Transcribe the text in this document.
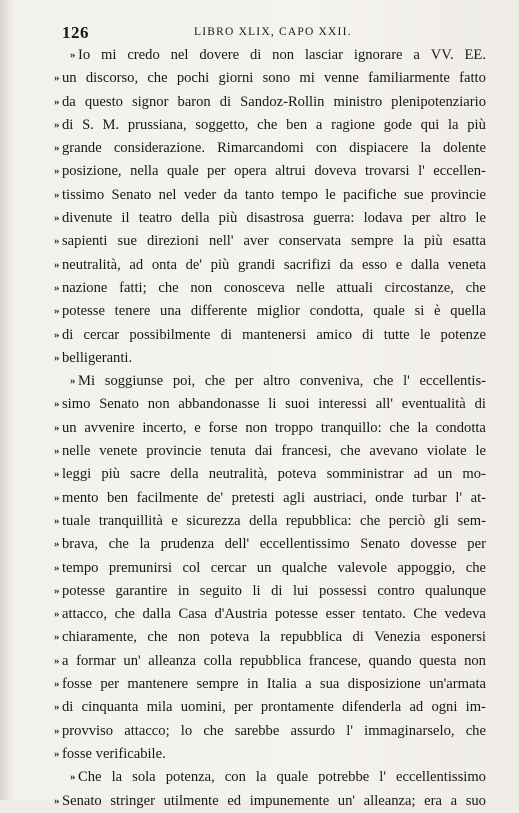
126	LIBRO XLIX, CAPO XXII.
» Io mi credo nel dovere di non lasciar ignorare a VV. EE.
» un discorso, che pochi giorni sono mi venne familiarmente fatto
» da questo signor baron di Sandoz-Rollin ministro plenipotenziario
» di S. M. prussiana, soggetto, che ben a ragione gode qui la più
» grande considerazione. Rimarcandomi con dispiacere la dolente
» posizione, nella quale per opera altrui doveva trovarsi l' eccellen-
» tissimo Senato nel veder da tanto tempo le pacifiche sue provincie
» divenute il teatro della più disastrosa guerra: lodava per altro le
» sapienti sue direzioni nell' aver conservata sempre la più esatta
» neutralità, ad onta de' più grandi sacrifizi da esso e dalla veneta
» nazione fatti; che non conosceva nelle attuali circostanze, che
» potesse tenere una differente miglior condotta, quale si è quella
» di cercar possibilmente di mantenersi amico di tutte le potenze
» belligeranti.
» Mi soggiunse poi, che per altro conveniva, che l' eccellentis-
» simo Senato non abbandonasse li suoi interessi all' eventualità di
» un avvenire incerto, e forse non troppo tranquillo: che la condotta
» nelle venete provincie tenuta dai francesi, che avevano violate le
» leggi più sacre della neutralità, poteva somministrar ad un mo-
» mento ben facilmente de' pretesti agli austriaci, onde turbar l' at-
» tuale tranquillità e sicurezza della repubblica: che perciò gli sem-
» brava, che la prudenza dell' eccellentissimo Senato dovesse per
» tempo premunirsi col cercar un qualche valevole appoggio, che
» potesse garantire in seguito li di lui possessi contro qualunque
» attacco, che dalla Casa d'Austria potesse esser tentato. Che vedeva
» chiaramente, che non poteva la repubblica di Venezia esponersi
» a formar un' alleanza colla repubblica francese, quando questa non
» fosse per mantenere sempre in Italia a sua disposizione un'armata
» di cinquanta mila uomini, per prontamente difenderla ad ogni im-
» provviso attacco; lo che sarebbe assurdo l' immaginarselo, che
» fosse verificabile.
» Che la sola potenza, con la quale potrebbe l' eccellentissimo
» Senato stringer utilmente ed impunemente un' alleanza; era a suo
